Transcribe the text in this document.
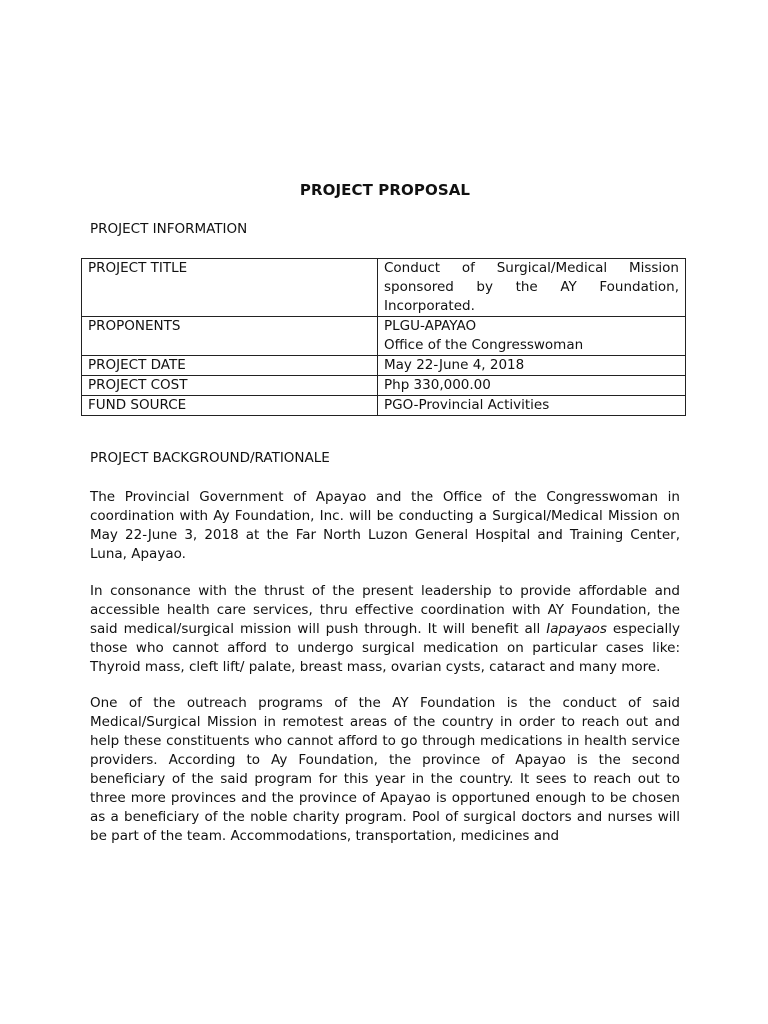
PROJECT PROPOSAL
PROJECT INFORMATION
PROJECT TITLE	Conduct of Surgical/Medical Mission sponsored by the AY Foundation,
Incorporated.

PROPONENTS	PLGU-APAYAO
Office of the Congresswoman

PROJECT DATE	May 22-June 4, 2018
PROJECT COST	Php 330,000.00
FUND SOURCE	PGO-Provincial Activities
PROJECT BACKGROUND/RATIONALE

The Provincial Government of Apayao and the Office of the Congresswoman in coordination with Ay Foundation, Inc. will be conducting a Surgical/Medical Mission on May 22-June 3, 2018 at the Far North Luzon General Hospital and Training Center, Luna, Apayao.

In consonance with the thrust of the present leadership to provide affordable and accessible health care services, thru effective coordination with AY Foundation, the said medical/surgical mission will push through. It will benefit all Iapayaos especially those who cannot afford to undergo surgical medication on particular cases like: Thyroid mass, cleft lift/ palate, breast mass, ovarian cysts, cataract and many more.

One of the outreach programs of the AY Foundation is the conduct of said Medical/Surgical Mission in remotest areas of the country in order to reach out and help these constituents who cannot afford to go through medications in health service providers. According to Ay Foundation, the province of Apayao is the second beneficiary of the said program for this year in the country. It sees to reach out to three more provinces and the province of Apayao is opportuned enough to be chosen as a beneficiary of the noble charity program. Pool of surgical doctors and nurses will be part of the team. Accommodations, transportation, medicines and
